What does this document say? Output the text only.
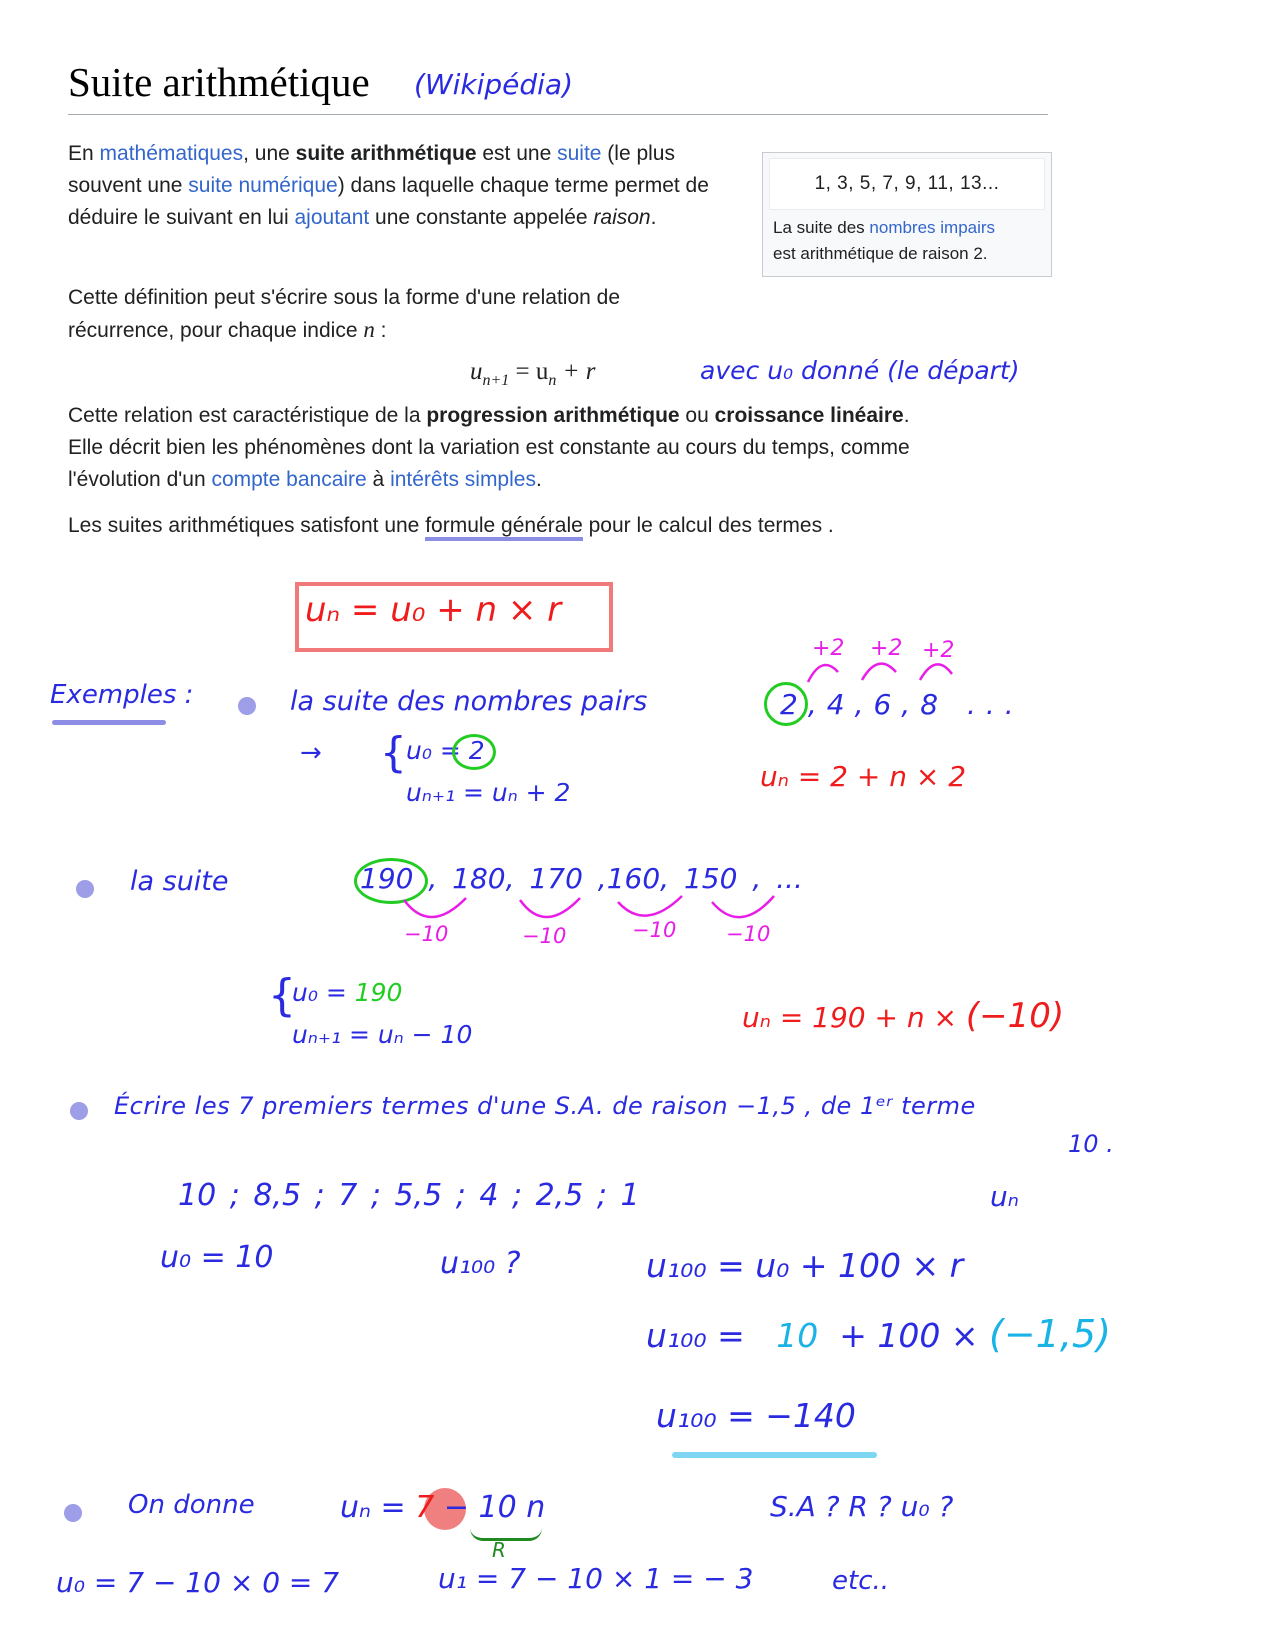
Suite arithmétique (Wikipédia)
En mathématiques, une suite arithmétique est une suite (le plus souvent une suite numérique) dans laquelle chaque terme permet de déduire le suivant en lui ajoutant une constante appelée raison.
1, 3, 5, 7, 9, 11, 13...
La suite des nombres impairs
est arithmétique de raison 2.
Cette définition peut s'écrire sous la forme d'une relation de récurrence, pour chaque indice n :
$u_{n+1} = u_n + r$	avec u₀ donné (le départ)
Cette relation est caractéristique de la progression arithmétique ou croissance linéaire.
Elle décrit bien les phénomènes dont la variation est constante au cours du temps, comme
l'évolution d'un compte bancaire à intérêts simples.
Les suites arithmétiques satisfont une formule générale pour le calcul des termes .
uₙ = u₀ + n × r
Exemples :	la suite des nombres pairs
→ { u₀ = 2
uₙ₊₁ = uₙ + 2
2,4,6,8 ...
+2 +2 +2
uₙ = 2 + n × 2
la suite	190 , 180, 170 ,160, 150 , ...
−10	−10	−10 −10
{
u₀ = 190
uₙ₊₁ = uₙ − 10
uₙ = 190 + n × (−10)
Écrire les 7 premiers termes d'une S.A. de raison −1,5 , de 1ᵉʳ terme
10 .
10 ; 8,5 ; 7 ; 5,5 ; 4 ; 2,5 ; 1	uₙ
u₀ = 10	u₁₀₀ ?	u₁₀₀ = u₀ + 100 × r
u₁₀₀ = 10 + 100 × (−1,5)
u₁₀₀ = −140
On donne	uₙ = 7 − 10 n
R
S.A ? R ? u₀ ?
u₀ = 7 − 10 × 0 = 7	u₁ = 7 − 10 × 1 = − 3	etc..
